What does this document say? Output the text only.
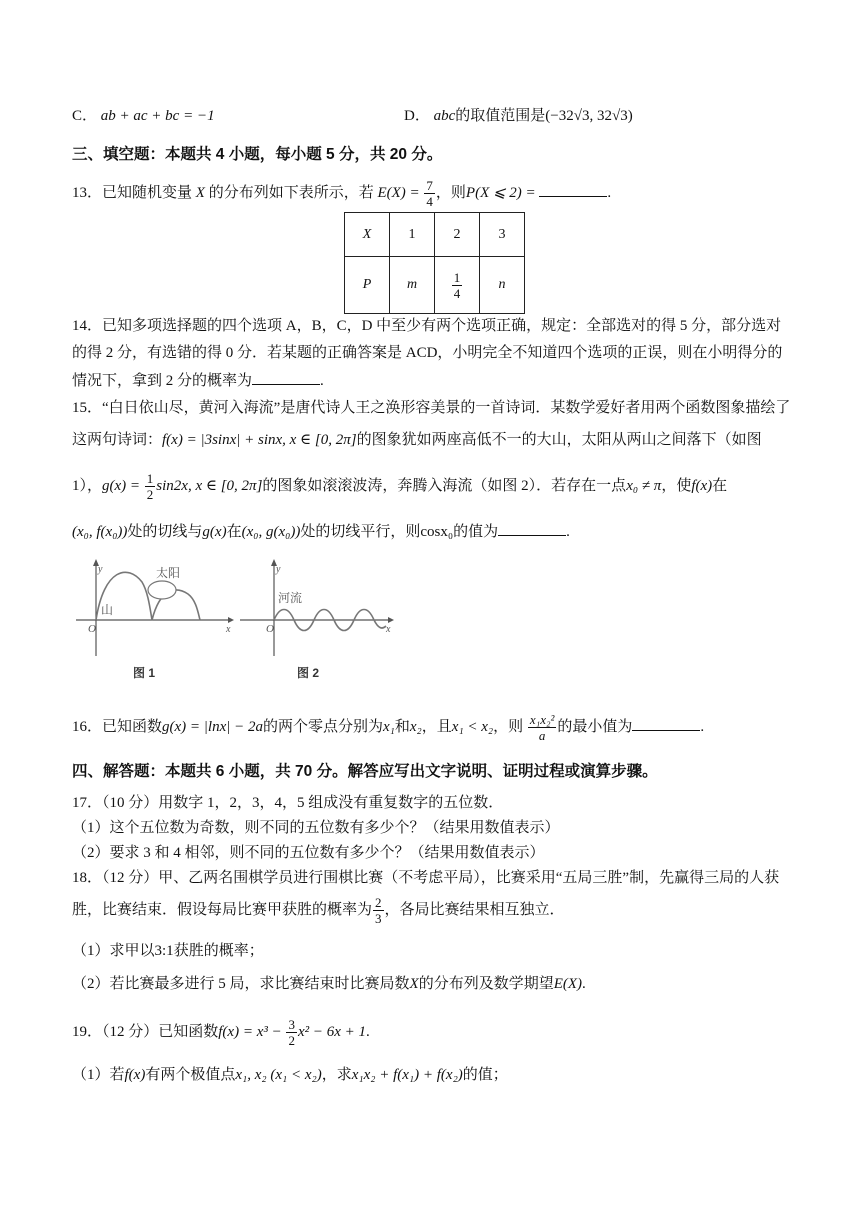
C． ab + ac + bc = −1	D． abc的取值范围是(−32√3, 32√3)
三、填空题：本题共 4 小题，每小题 5 分，共 20 分。
13．已知随机变量 X 的分布列如下表所示，若 $E(X) = \frac{7}{4}$ ，则P(X ⩽ 2) =	.
X	1	2	3
P	m	$\frac{1}{4}$	n
14．已知多项选择题的四个选项 A，B，C，D 中至少有两个选项正确，规定：全部选对的得 5 分，部分选对
的得 2 分，有选错的得 0 分．若某题的正确答案是 ACD，小明完全不知道四个选项的正误，则在小明得分的
情况下，拿到 2 分的概率为	.
15．“白日依山尽，黄河入海流”是唐代诗人王之涣形容美景的一首诗词．某数学爱好者用两个函数图象描绘了
这两句诗词：f(x) = |3sinx| + sinx, x ∈ [0, 2π]的图象犹如两座高低不一的大山，太阳从两山之间落下（如图
1），$g(x) = \frac{1}{2} \sin 2x$, x ∈ [0, 2π]的图象如滚滚波涛，奔腾入海流（如图 2）．若存在一点x₀ ≠ π，使f(x)在
(x₀, f(x₀))处的切线与g(x)在(x₀, g(x₀))处的切线平行，则cosx₀的值为	.
y
x
O
太阳
山
y
x
O
河流
图 1	图 2
16．已知函数g(x) = |lnx| − 2a的两个零点分别为x₁和x₂，且x₁ < x₂，则 $\frac{\text{x₁x₂²}}{a}$ 的最小值为	.
四、解答题：本题共 6 小题，共 70 分。解答应写出文字说明、证明过程或演算步骤。
17．（10 分）用数字 1，2，3，4，5 组成没有重复数字的五位数．
（1）这个五位数为奇数，则不同的五位数有多少个？（结果用数值表示）
（2）要求 3 和 4 相邻，则不同的五位数有多少个？（结果用数值表示）
18．（12 分）甲、乙两名围棋学员进行围棋比赛（不考虑平局），比赛采用“五局三胜”制，先赢得三局的人获
胜，比赛结束．假设每局比赛甲获胜的概率为 $\frac{2}{3}$ ，各局比赛结果相互独立．
（1）求甲以3:1获胜的概率；
（2）若比赛最多进行 5 局，求比赛结束时比赛局数X的分布列及数学期望E(X).
19．（12 分）已知函数$f(x) = x^3 - \frac{3}{2} x^2 - 6x + 1$.
（1）若f(x)有两个极值点x₁, x₂ (x₁ < x₂)，求x₁x₂ + f(x₁) + f(x₂)的值；
